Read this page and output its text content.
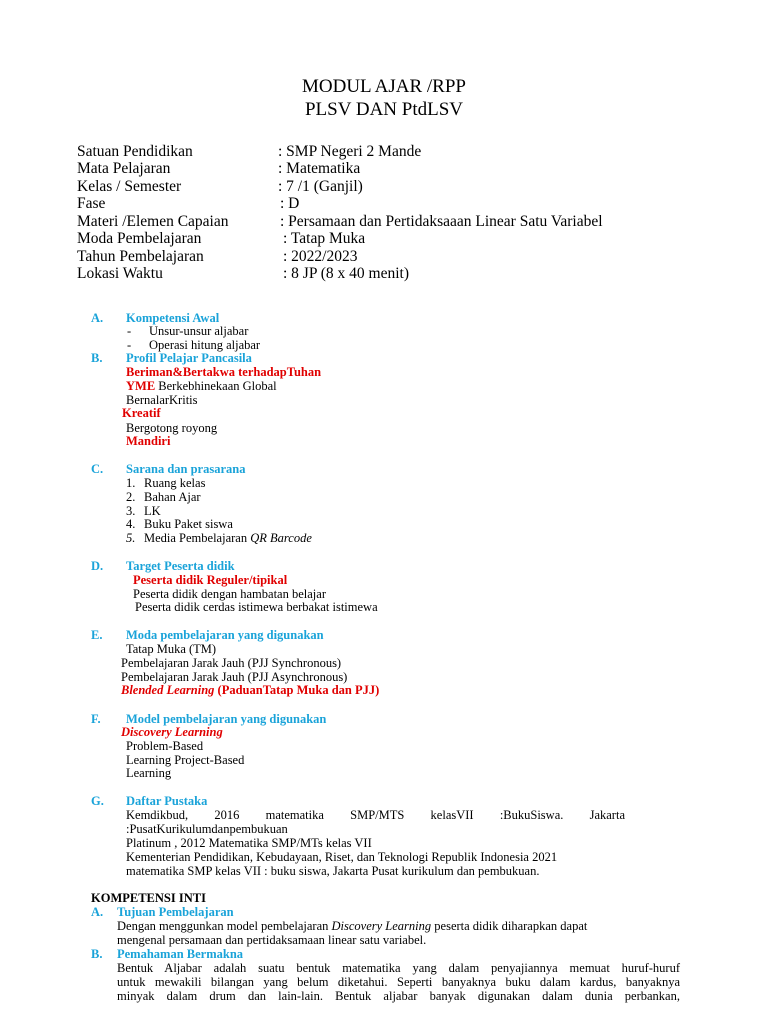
MODUL AJAR /RPP
PLSV DAN PtdLSV
Satuan Pendidikan	: SMP Negeri 2 Mande
Mata Pelajaran	: Matematika
Kelas / Semester	: 7 /1 (Ganjil)
Fase	: D
Materi /Elemen Capaian	: Persamaan dan Pertidaksaaan Linear Satu Variabel
Moda Pembelajaran	: Tatap Muka
Tahun Pembelajaran	: 2022/2023
Lokasi Waktu	: 8 JP (8 x 40 menit)
A. Kompetensi Awal
- Unsur-unsur aljabar
- Operasi hitung aljabar
B. Profil Pelajar Pancasila
Beriman&Bertakwa terhadapTuhan
YME Berkebhinekaan Global
BernalarKritis
Kreatif
Bergotong royong
Mandiri
C. Sarana dan prasarana
1. Ruang kelas
2. Bahan Ajar
3. LK
4. Buku Paket siswa
5. Media Pembelajaran QR Barcode
D. Target Peserta didik
Peserta didik Reguler/tipikal
Peserta didik dengan hambatan belajar
Peserta didik cerdas istimewa berbakat istimewa
E. Moda pembelajaran yang digunakan
Tatap Muka (TM)
Pembelajaran Jarak Jauh (PJJ Synchronous)
Pembelajaran Jarak Jauh (PJJ Asynchronous)
Blended Learning (PaduanTatap Muka dan PJJ)
F. Model pembelajaran yang digunakan
Discovery Learning
Problem-Based
Learning Project-Based
Learning
G. Daftar Pustaka
Kemdikbud, 2016 matematika SMP/MTS kelasVII :BukuSiswa. Jakarta
:PusatKurikulumdanpembukuan
Platinum , 2012 Matematika SMP/MTs kelas VII
Kementerian Pendidikan, Kebudayaan, Riset, dan Teknologi Republik Indonesia 2021
matematika SMP kelas VII : buku siswa, Jakarta Pusat kurikulum dan pembukuan.
KOMPETENSI INTI
A. Tujuan Pembelajaran
Dengan menggunkan model pembelajaran Discovery Learning peserta didik diharapkan dapat
mengenal persamaan dan pertidaksamaan linear satu variabel.
B. Pemahaman Bermakna
Bentuk Aljabar adalah suatu bentuk matematika yang dalam penyajiannya memuat huruf-huruf
untuk mewakili bilangan yang belum diketahui. Seperti banyaknya buku dalam kardus, banyaknya
minyak dalam drum dan lain-lain. Bentuk aljabar banyak digunakan dalam dunia perbankan,
